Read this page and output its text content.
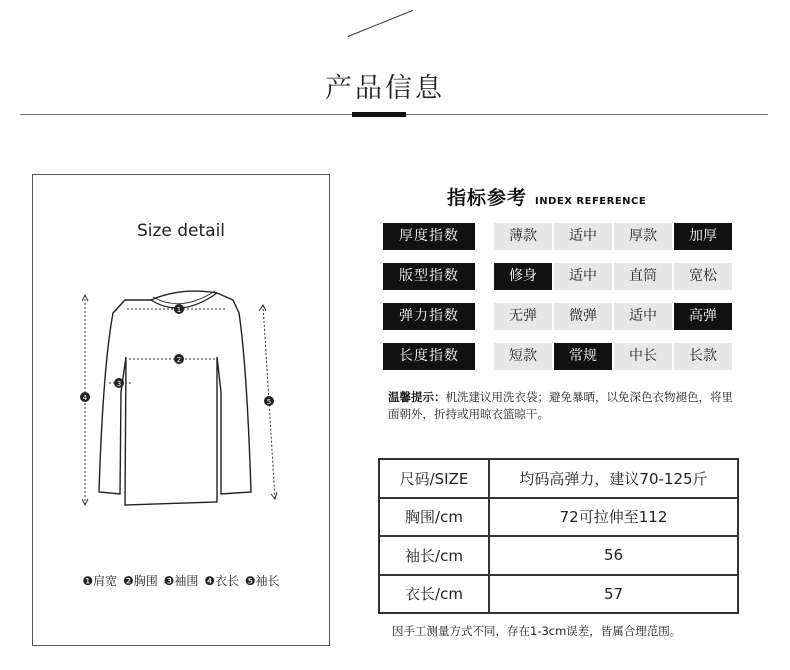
产品信息
Size detail
1
2
3
4	5
❶肩宽 ❷胸围 ❸袖围 ❹衣长 ❺袖长
指标参考 INDEX REFERENCE
厚度指数	薄款	适中	厚款	加厚
版型指数	修身	适中	直筒	宽松
弹力指数	无弹	微弹	适中	高弹
长度指数	短款	常规	中长	长款
温馨提示：机洗建议用洗衣袋；避免暴晒，以免深色衣物褪色，将里面朝外，折持或用晾衣篮晾干。
尺码/SIZE	均码高弹力，建议70-125斤
胸围/cm	72可拉伸至112
袖长/cm	56
衣长/cm	57
因手工测量方式不同，存在1-3cm误差，皆属合理范围。
